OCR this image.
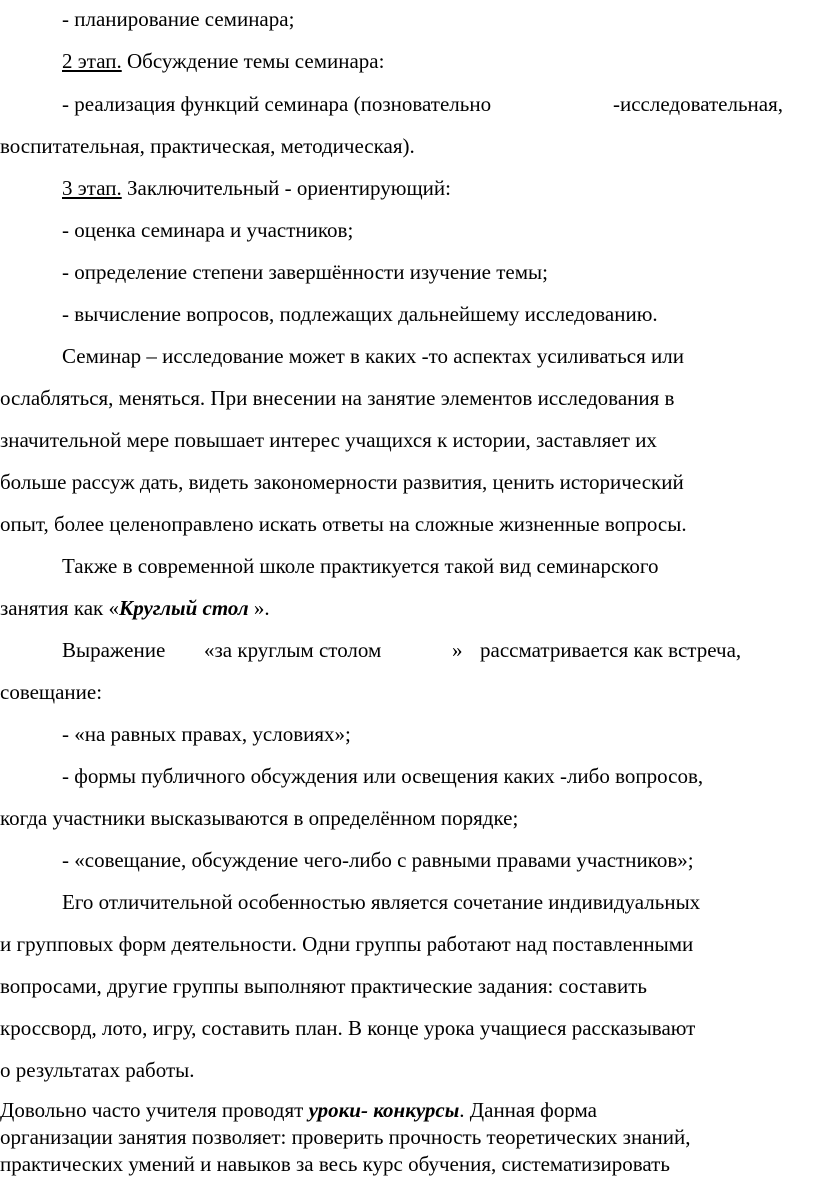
- планирование семинара;
2 этап. Обсуждение темы семинара:
- реализация функций семинара (позновательно	-исследовательная,
воспитательная, практическая, методическая).
3 этап. Заключительный - ориентирующий:
- оценка семинара и участников;
- определение степени завершённости изучение темы;
- вычисление вопросов, подлежащих дальнейшему исследованию.
Семинар – исследование может в каких -то аспектах усиливаться или
ослабляться, меняться. При внесении на занятие элементов исследования в
значительной мере повышает интерес учащихся к истории, заставляет их
больше рассуж дать, видеть закономерности развития, ценить исторический
опыт, более целеноправлено искать ответы на сложные жизненные вопросы.
Также в современной школе практикуется такой вид семинарского
занятия как «Круглый стол ».
Выражение «за круглым столом	» рассматривается как встреча,
совещание:
- «на равных правах, условиях»;
- формы публичного обсуждения или освещения каких -либо вопросов,
когда участники высказываются в определённом порядке;
- «совещание, обсуждение чего-либо с равными правами участников»;
Его отличительной особенностью является сочетание индивидуальных
и групповых форм деятельности. Одни группы работают над поставленными
вопросами, другие группы выполняют практические задания: составить
кроссворд, лото, игру, составить план. В конце урока учащиеся рассказывают
о результатах работы.
Довольно часто учителя проводят уроки- конкурсы. Данная форма
организации занятия позволяет: проверить прочность теоретических знаний,
практических умений и навыков за весь курс обучения, систематизировать
